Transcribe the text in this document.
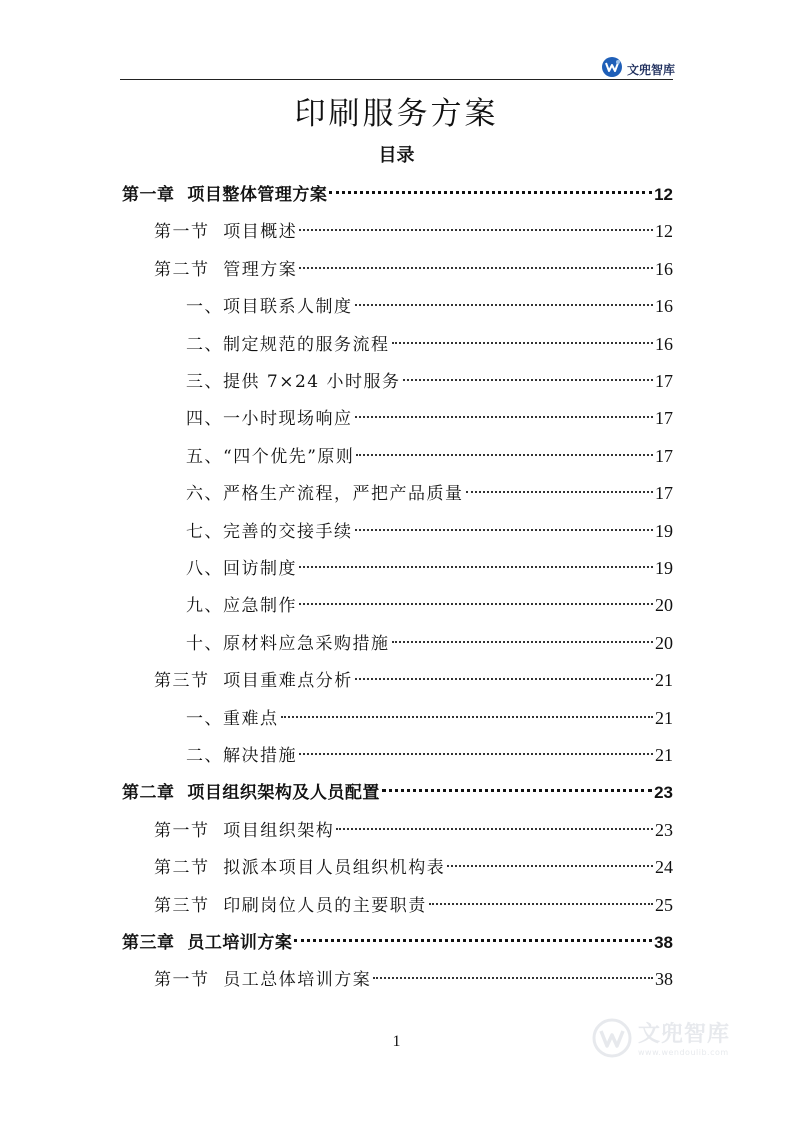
文兜智库
印刷服务方案
目录
第一章  项目整体管理方案	12
第一节  项目概述	12
第二节  管理方案	16
一、项目联系人制度	16
二、制定规范的服务流程	16
三、提供 7×24 小时服务	17
四、一小时现场响应	17
五、“四个优先”原则	17
六、严格生产流程，严把产品质量	17
七、完善的交接手续	19
八、回访制度	19
九、应急制作	20
十、原材料应急采购措施	20
第三节  项目重难点分析	21
一、重难点	21
二、解决措施	21
第二章  项目组织架构及人员配置	23
第一节  项目组织架构	23
第二节  拟派本项目人员组织机构表	24
第三节  印刷岗位人员的主要职责	25
第三章  员工培训方案	38
第一节  员工总体培训方案	38
1	文兜智库
www.wendoulib.com
